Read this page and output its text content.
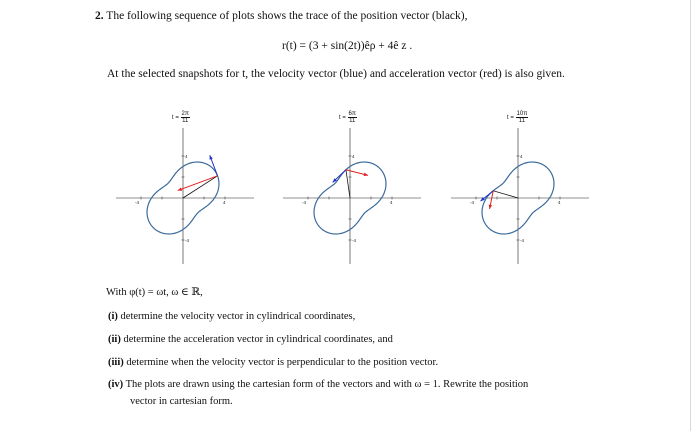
2. The following sequence of plots shows the trace of the position vector (black),
r(t) = (3 + sin(2t))êρ + 4ê z .
At the selected snapshots for t, the velocity vector (blue) and acceleration vector (red) is also given.
$t = \frac{2\pi}{11}$
-4	4
4
-4
$t = \frac{6\pi}{11}$
-4	4
4
-4
$t = \frac{10\pi}{11}$
-4	4
4
-4
With φ(t) = ωt, ω ∈ ℝ,
(i) determine the velocity vector in cylindrical coordinates,
(ii) determine the acceleration vector in cylindrical coordinates, and
(iii) determine when the velocity vector is perpendicular to the position vector.
(iv) The plots are drawn using the cartesian form of the vectors and with ω = 1. Rewrite the position
vector in cartesian form.
